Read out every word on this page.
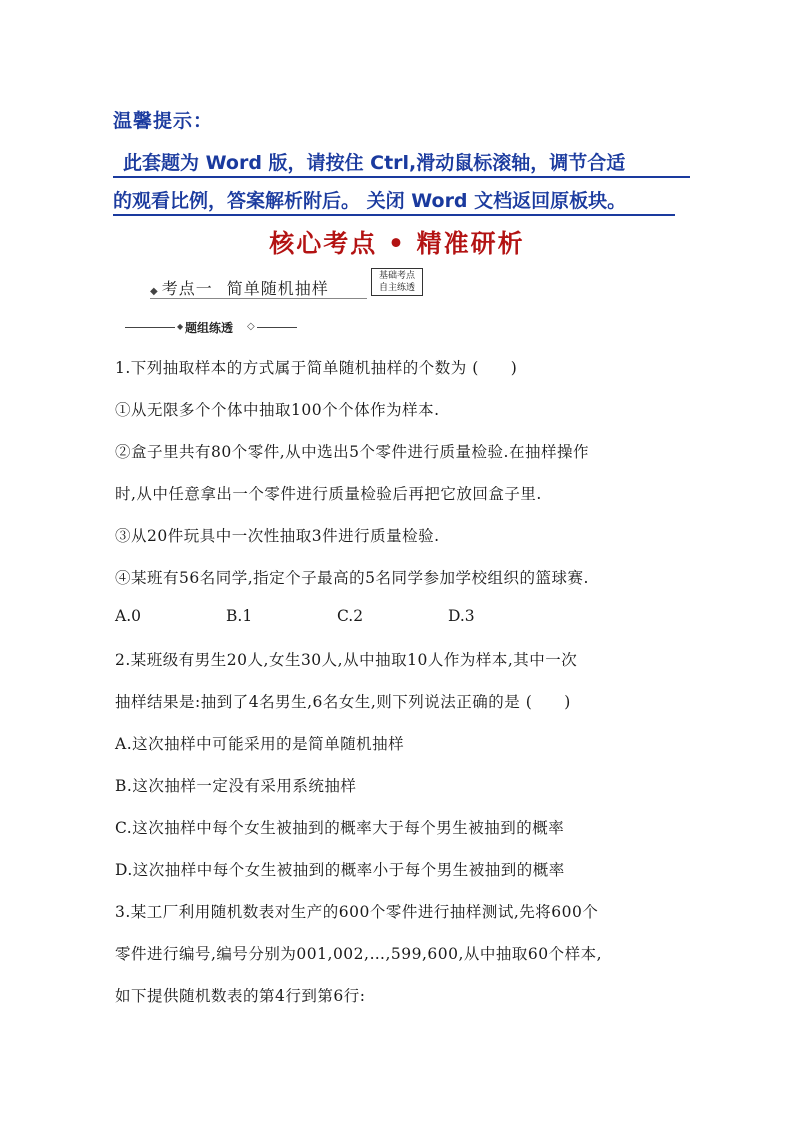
温馨提示：
此套题为 Word 版，请按住 Ctrl,滑动鼠标滚轴，调节合适
的观看比例，答案解析附后。 关闭 Word 文档返回原板块。
核心考点 • 精准研析
◆ 考点一 简单随机抽样
基础考点
自主练透
◆ 题组练透 ◇
1.下列抽取样本的方式属于简单随机抽样的个数为 (　　)
①从无限多个个体中抽取100个个体作为样本.
②盒子里共有80个零件,从中选出5个零件进行质量检验.在抽样操作
时,从中任意拿出一个零件进行质量检验后再把它放回盒子里.
③从20件玩具中一次性抽取3件进行质量检验.
④某班有56名同学,指定个子最高的5名同学参加学校组织的篮球赛.
A.0	B.1	C.2	D.3
2.某班级有男生20人,女生30人,从中抽取10人作为样本,其中一次
抽样结果是:抽到了4名男生,6名女生,则下列说法正确的是 (　　)
A.这次抽样中可能采用的是简单随机抽样
B.这次抽样一定没有采用系统抽样
C.这次抽样中每个女生被抽到的概率大于每个男生被抽到的概率
D.这次抽样中每个女生被抽到的概率小于每个男生被抽到的概率
3.某工厂利用随机数表对生产的600个零件进行抽样测试,先将600个
零件进行编号,编号分别为001,002,…,599,600,从中抽取60个样本,
如下提供随机数表的第4行到第6行:
